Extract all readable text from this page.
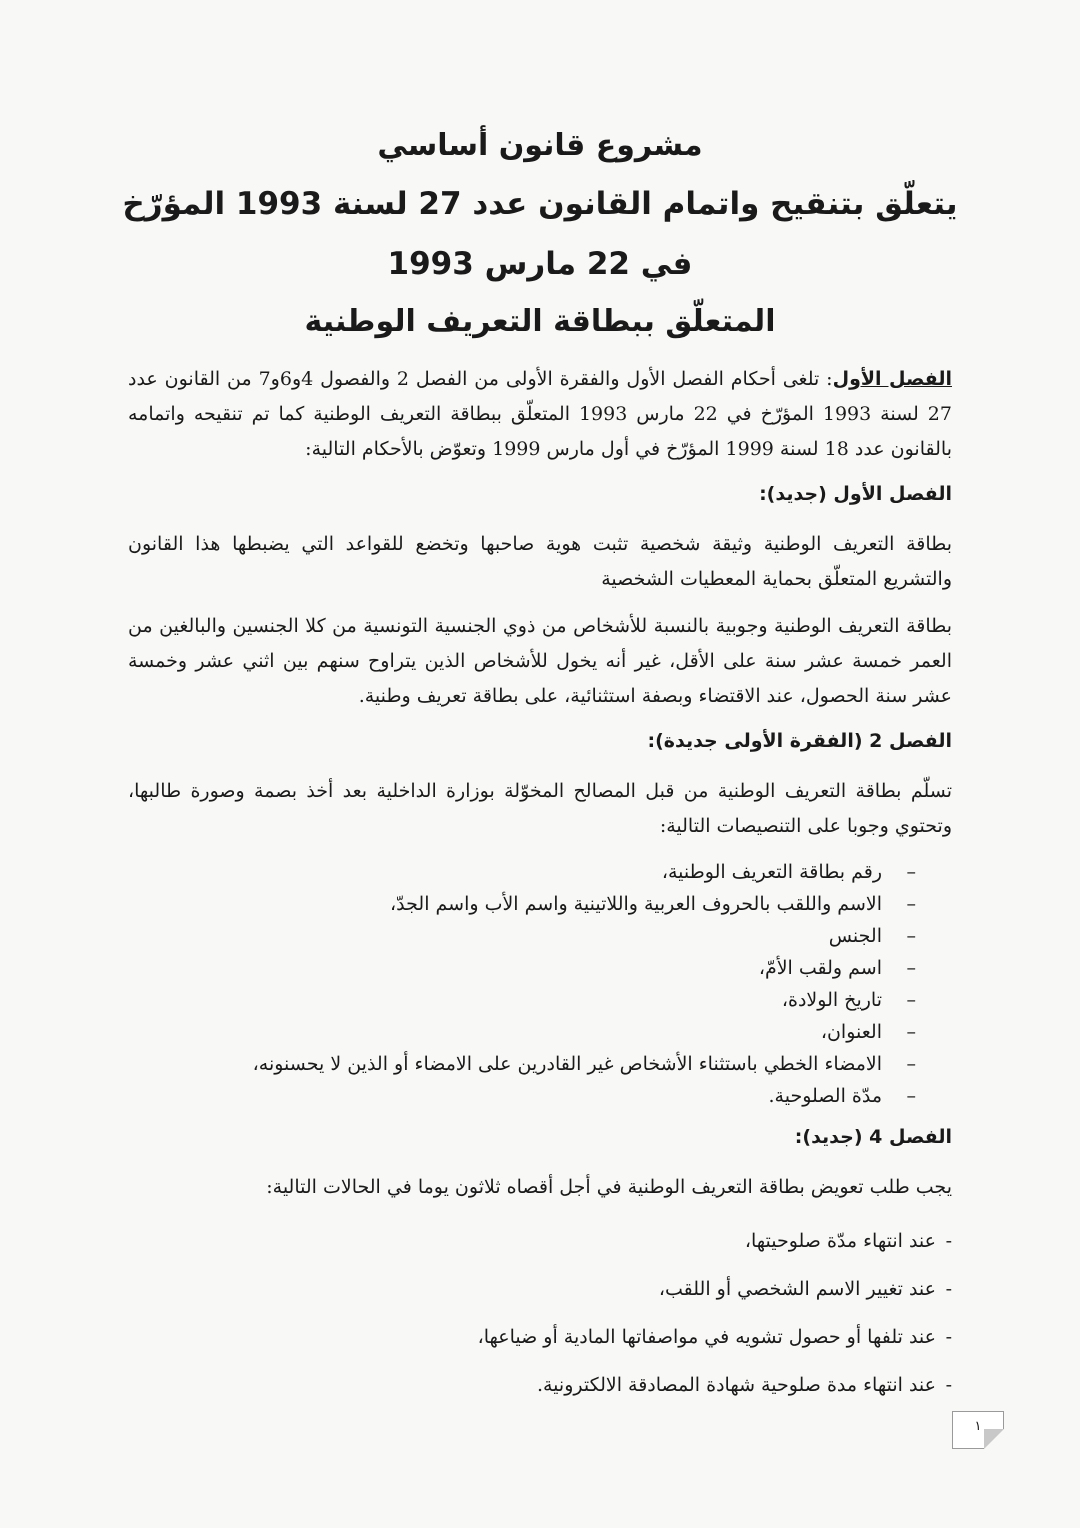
مشروع قانون أساسي
يتعلّق بتنقيح واتمام القانون عدد 27 لسنة 1993 المؤرّخ في 22 مارس 1993
المتعلّق ببطاقة التعريف الوطنية

الفصل الأول: تلغى أحكام الفصل الأول والفقرة الأولى من الفصل 2 والفصول 4و6و7 من القانون عدد 27 لسنة 1993 المؤرّخ في 22 مارس 1993 المتعلّق ببطاقة التعريف الوطنية كما تم تنقيحه واتمامه بالقانون عدد 18 لسنة 1999 المؤرّخ في أول مارس 1999 وتعوّض بالأحكام التالية:

الفصل الأول (جديد):

بطاقة التعريف الوطنية وثيقة شخصية تثبت هوية صاحبها وتخضع للقواعد التي يضبطها هذا القانون والتشريع المتعلّق بحماية المعطيات الشخصية

بطاقة التعريف الوطنية وجوبية بالنسبة للأشخاص من ذوي الجنسية التونسية من كلا الجنسين والبالغين من العمر خمسة عشر سنة على الأقل، غير أنه يخول للأشخاص الذين يتراوح سنهم بين اثني عشر وخمسة عشر سنة الحصول، عند الاقتضاء وبصفة استثنائية، على بطاقة تعريف وطنية.

الفصل 2 (الفقرة الأولى جديدة):

تسلّم بطاقة التعريف الوطنية من قبل المصالح المخوّلة بوزارة الداخلية بعد أخذ بصمة وصورة طالبها، وتحتوي وجوبا على التنصيصات التالية:

–
رقم بطاقة التعريف الوطنية،
–
الاسم واللقب بالحروف العربية واللاتينية واسم الأب واسم الجدّ،
–
الجنس
–
اسم ولقب الأمّ،
–
تاريخ الولادة،
–
العنوان،
–
الامضاء الخطي باستثناء الأشخاص غير القادرين على الامضاء أو الذين لا يحسنونه،
–
مدّة الصلوحية.
الفصل 4 (جديد):

يجب طلب تعويض بطاقة التعريف الوطنية في أجل أقصاه ثلاثون يوما في الحالات التالية:

-عند انتهاء مدّة صلوحيتها،
-عند تغيير الاسم الشخصي أو اللقب،
-عند تلفها أو حصول تشويه في مواصفاتها المادية أو ضياعها،
-عند انتهاء مدة صلوحية شهادة المصادقة الالكترونية.
١
